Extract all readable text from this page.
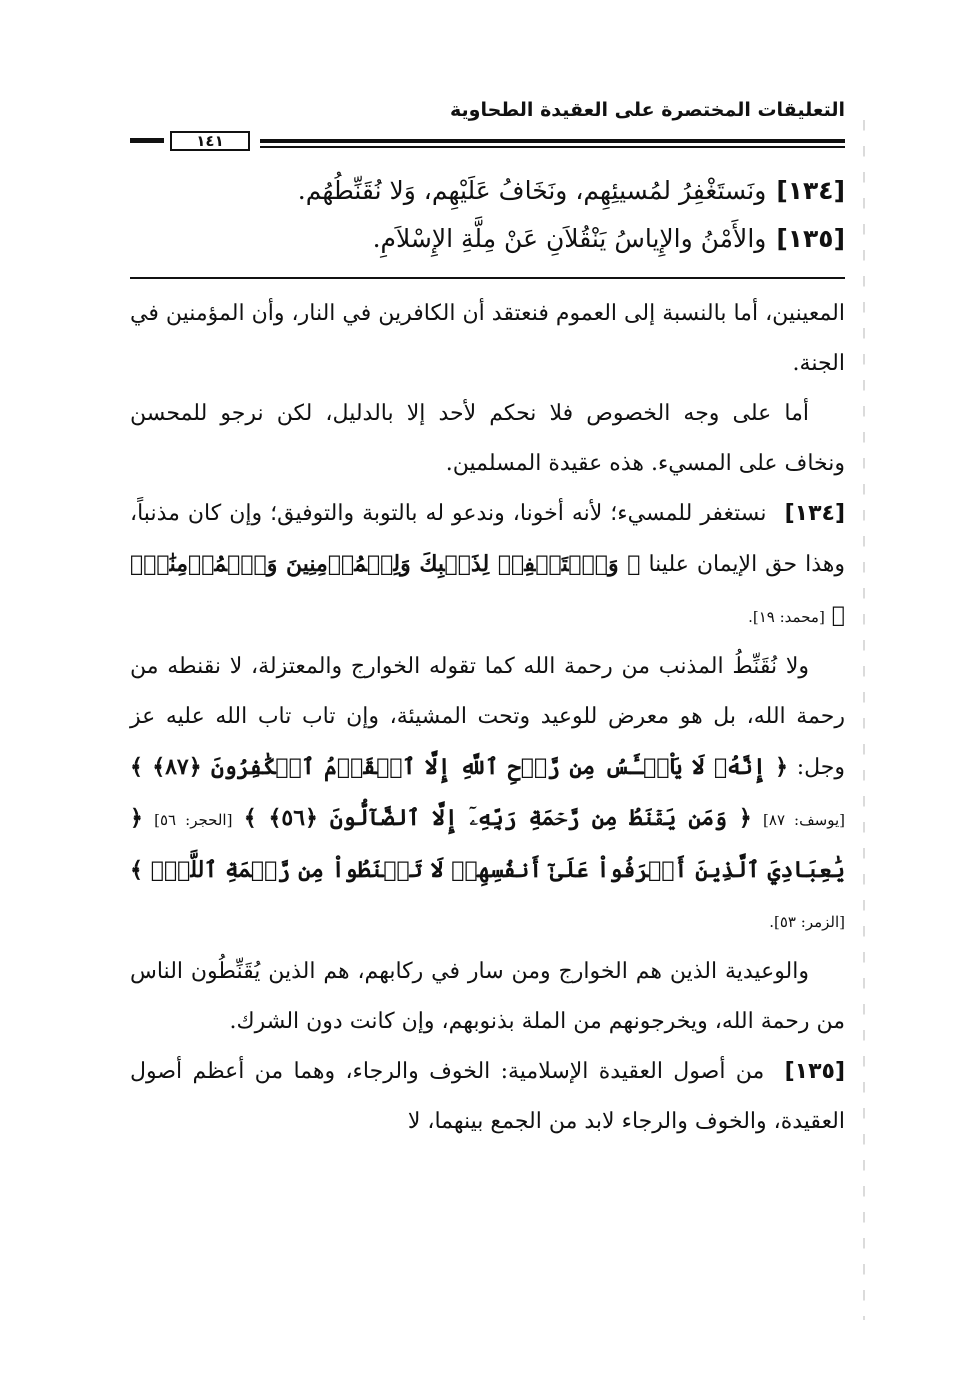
التعليقات المختصرة على العقيدة الطحاوية
١٤١
[١٣٤]ونَستَغْفِرُ لمُسيئِهِم، ونَخَافُ عَلَيْهِم، وَلا نُقَنِّطُهُم.
[١٣٥]والأَمْنُ والإِياسُ يَنْقُلاَنِ عَنْ مِلَّةِ الإِسْلاَمِ.

المعينين، أما بالنسبة إلى العموم فنعتقد أن الكافرين في النار، وأن المؤمنين في الجنة.

أما على وجه الخصوص فلا نحكم لأحد إلا بالدليل، لكن نرجو للمحسن ونخاف على المسيء. هذه عقيدة المسلمين.

[١٣٤] نستغفر للمسيء؛ لأنه أخونا، وندعو له بالتوبة والتوفيق؛ وإن كان مذنباً، وهذا حق الإيمان علينا ﴿ وَٱسۡتَغۡفِرۡ لِذَنۢبِكَ وَلِلۡمُؤۡمِنِينَ وَٱلۡمُؤۡمِنَٰتِۗ ﴾ [محمد: ١٩].

ولا نُقَنِّطُ المذنب من رحمة الله كما تقوله الخوارج والمعتزلة، لا نقنطه من رحمة الله، بل هو معرض للوعيد وتحت المشيئة، وإن تاب تاب الله عليه عز وجل: ﴿ إِنَّهُۥ لَا يَاْيۡـَٔسُ مِن رَّوۡحِ ٱللَّهِ إِلَّا ٱلۡقَوۡمُ ٱلۡكَٰفِرُونَ ﴿٨٧﴾ ﴾ [يوسف: ٨٧] ﴿ وَمَن يَقۡنَطُ مِن رَّحۡمَةِ رَبِّهِۦٓ إِلَّا ٱلضَّآلُّونَ ﴿٥٦﴾ ﴾ [الحجر: ٥٦] ﴿ يَٰعِبَادِيَ ٱلَّذِينَ أَسۡرَفُواْ عَلَىٰٓ أَنفُسِهِمۡ لَا تَقۡنَطُواْ مِن رَّحۡمَةِ ٱللَّهِۚ ﴾ [الزمر: ٥٣].

والوعيدية الذين هم الخوارج ومن سار في ركابهم، هم الذين يُقَنِّطُون الناس من رحمة الله، ويخرجونهم من الملة بذنوبهم، وإن كانت دون الشرك.

[١٣٥] من أصول العقيدة الإسلامية: الخوف والرجاء، وهما من أعظم أصول العقيدة، والخوف والرجاء لابد من الجمع بينهما، لا
